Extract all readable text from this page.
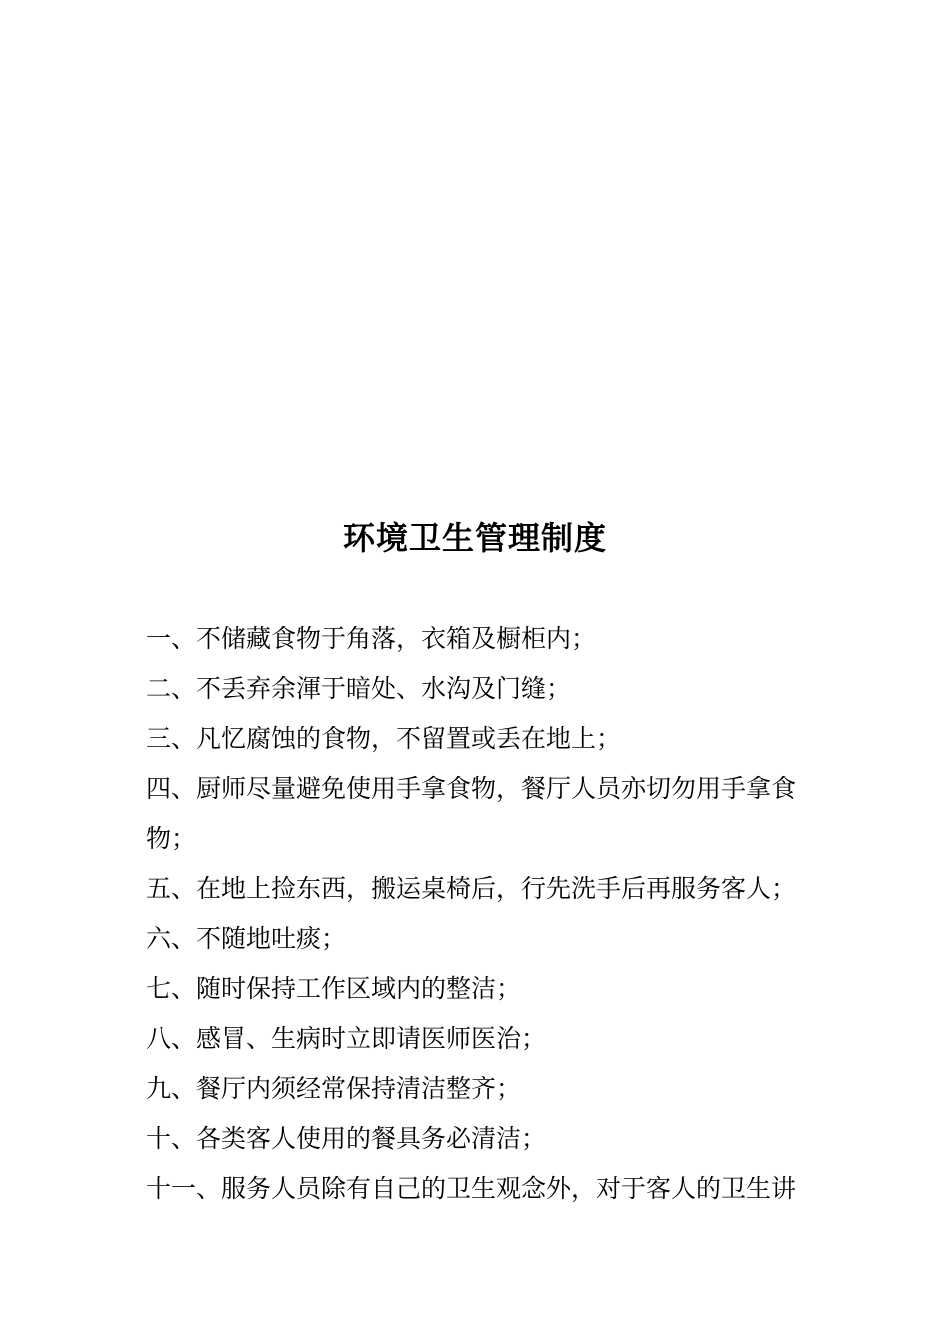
环境卫生管理制度
一、不储藏食物于角落，衣箱及橱柜内；
二、不丢弃余渾于暗处、水沟及门缝；
三、凡忆腐蚀的食物，不留置或丢在地上；
四、厨师尽量避免使用手拿食物，餐厅人员亦切勿用手拿食
物；
五、在地上捡东西，搬运桌椅后，行先洗手后再服务客人；
六、不随地吐痰；
七、随时保持工作区域内的整洁；
八、感冒、生病时立即请医师医治；
九、餐厅内须经常保持清洁整齐；
十、各类客人使用的餐具务必清洁；
十一、服务人员除有自己的卫生观念外，对于客人的卫生讲
